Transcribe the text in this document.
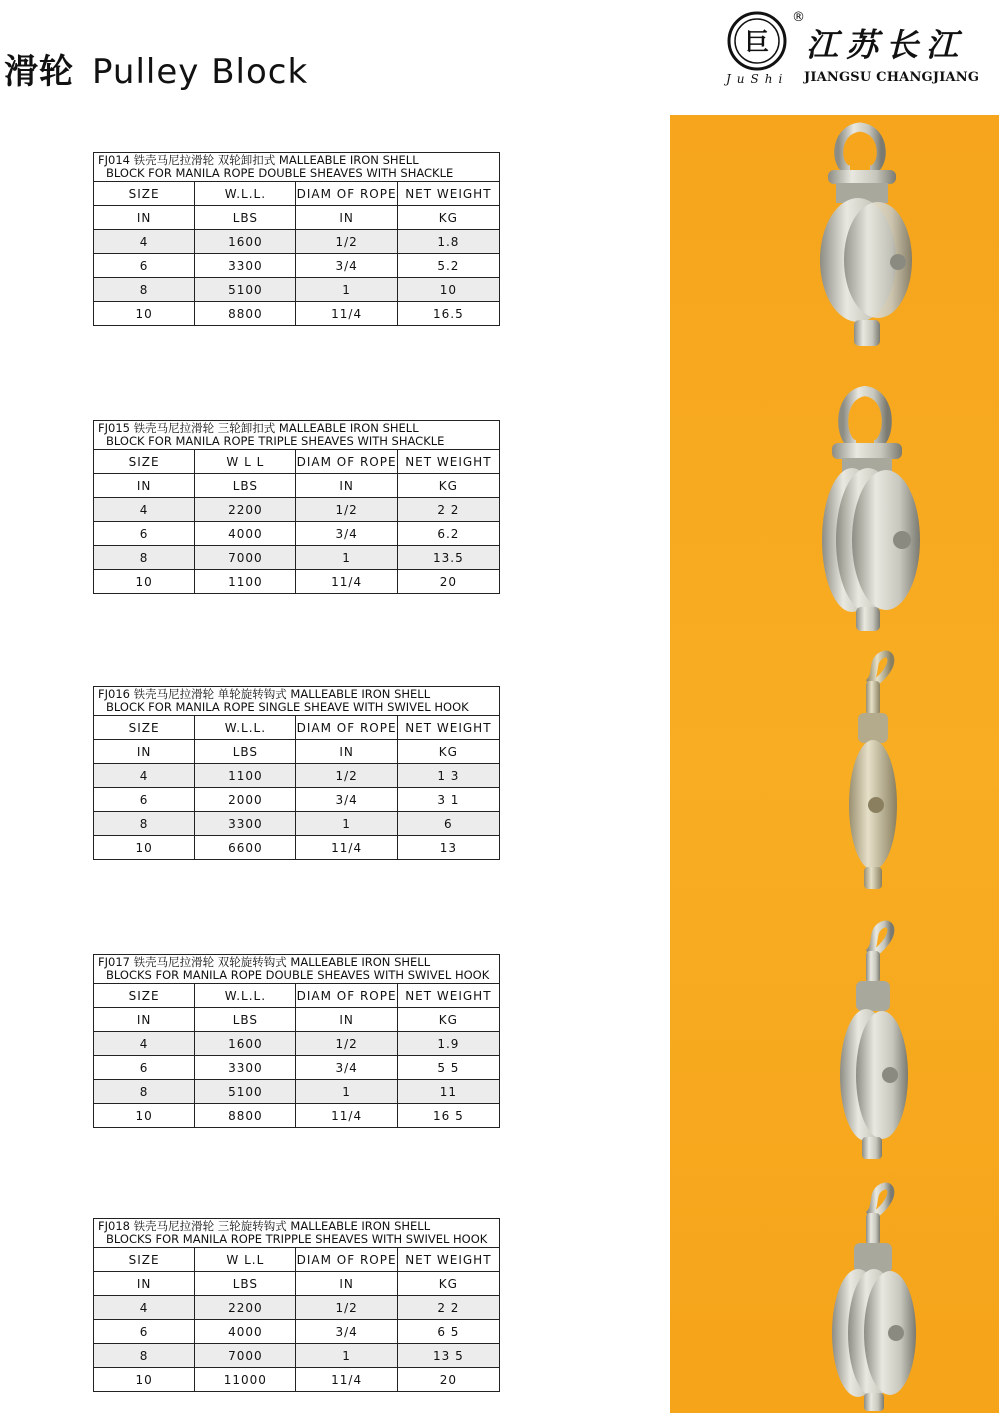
滑轮 Pulley Block
巨
®
江苏长江
JIANGSU CHANGJIANG
JuShi
FJ014 铁壳马尼拉滑轮 双轮卸扣式 MALLEABLE IRON SHELL
BLOCK FOR MANILA ROPE DOUBLE SHEAVES WITH SHACKLE
SIZE	W.L.L.	DIAM OF ROPE	NET WEIGHT
IN	LBS	IN	KG
4	1600	1/2	1.8
6	3300	3/4	5.2
8	5100	1	10
10	8800	11/4	16.5
FJ015 铁壳马尼拉滑轮 三轮卸扣式 MALLEABLE IRON SHELL
BLOCK FOR MANILA ROPE TRIPLE SHEAVES WITH SHACKLE
SIZE	W L L	DIAM OF ROPE	NET WEIGHT
IN	LBS	IN	KG
4	2200	1/2	2 2
6	4000	3/4	6.2
8	7000	1	13.5
10	1100	11/4	20
FJ016 铁壳马尼拉滑轮 单轮旋转钩式 MALLEABLE IRON SHELL
BLOCK FOR MANILA ROPE SINGLE SHEAVE WITH SWIVEL HOOK
SIZE	W.L.L.	DIAM OF ROPE	NET WEIGHT
IN	LBS	IN	KG
4	1100	1/2	1 3
6	2000	3/4	3 1
8	3300	1	6
10	6600	11/4	13
FJ017 铁壳马尼拉滑轮 双轮旋转钩式 MALLEABLE IRON SHELL
BLOCKS FOR MANILA ROPE DOUBLE SHEAVES WITH SWIVEL HOOK
SIZE	W.L.L.	DIAM OF ROPE	NET WEIGHT
IN	LBS	IN	KG
4	1600	1/2	1.9
6	3300	3/4	5 5
8	5100	1	11
10	8800	11/4	16 5
FJ018 铁壳马尼拉滑轮 三轮旋转钩式 MALLEABLE IRON SHELL
BLOCKS FOR MANILA ROPE TRIPPLE SHEAVES WITH SWIVEL HOOK
SIZE	W L.L	DIAM OF ROPE	NET WEIGHT
IN	LBS	IN	KG
4	2200	1/2	2 2
6	4000	3/4	6 5
8	7000	1	13 5
10	11000	11/4	20
